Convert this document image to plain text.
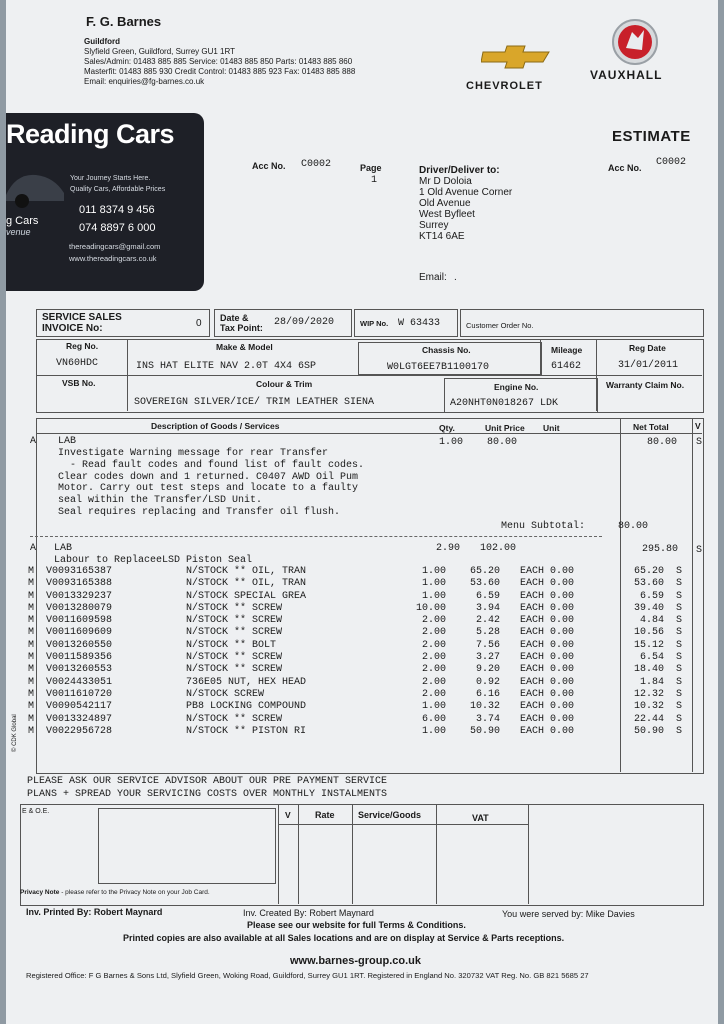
F. G. Barnes
Guildford
Slyfield Green, Guildford, Surrey GU1 1RT
Sales/Admin: 01483 885 885 Service: 01483 885 850 Parts: 01483 885 860
Masterfit: 01483 885 930 Credit Control: 01483 885 923 Fax: 01483 885 888
Email: enquiries@fg-barnes.co.uk	CHEVROLET
VAUXHALL
Reading Cars
Your Journey Starts Here.
Quality Cars, Affordable Prices
011 8374 9 456
074 8897 6 000
g Cars
venue
thereadingcars@gmail.com
www.thereadingcars.co.uk
ESTIMATE
Acc No. C0002	Page
1
Acc No. C0002
Driver/Deliver to:
Mr D Doloia
1 Old Avenue Corner
Old Avenue
West Byfleet
Surrey
KT14 6AE
Email: .
SERVICE SALES
INVOICE No:	0 Date &
Tax Point: 28/09/2020	WIP No. W 63433	Customer Order No.
Reg No.
VN60HDC
Make & Model
INS HAT ELITE NAV 2.0T 4X4 6SP
Chassis No.
W0LGT6EE7B1100170
Mileage
61462
Reg Date
31/01/2011
VSB No.	Colour & Trim
SOVEREIGN SILVER/ICE/ TRIM LEATHER SIENA
Engine No.
A20NHT0N018267 LDK
Warranty Claim No.
Description of Goods / Services	Qty.	Unit Price Unit	Net Total	V
A LAB	1.00 80.00	80.00 S
Investigate Warning message for rear Transfer
- Read fault codes and found list of fault codes.
Clear codes down and 1 returned. C0407 AWD Oil Pum
Motor. Carry out test steps and locate to a faulty
seal within the Transfer/LSD Unit.
Seal requires replacing and Transfer oil flush.
Menu Subtotal:	80.00
A LAB	2.90 102.00	295.80 S
Labour to ReplaceeLSD Piston Seal
M	V0093165387	N/STOCK ** OIL, TRAN	1.00	65.20	EACH 0.00	65.20	S
M	V0093165388	N/STOCK ** OIL, TRAN	1.00	53.60	EACH 0.00	53.60	S
M	V0013329237	N/STOCK SPECIAL GREA	1.00	6.59	EACH 0.00	6.59	S
M	V0013280079	N/STOCK ** SCREW	10.00	3.94	EACH 0.00	39.40	S
M	V0011609598	N/STOCK ** SCREW	2.00	2.42	EACH 0.00	4.84	S
M	V0011609609	N/STOCK ** SCREW	2.00	5.28	EACH 0.00	10.56	S
M	V0013260550	N/STOCK ** BOLT	2.00	7.56	EACH 0.00	15.12	S
M	V0011589356	N/STOCK ** SCREW	2.00	3.27	EACH 0.00	6.54	S
M	V0013260553	N/STOCK ** SCREW	2.00	9.20	EACH 0.00	18.40	S
M	V0024433051	736E05 NUT, HEX HEAD	2.00	0.92	EACH 0.00	1.84	S
M	V0011610720	N/STOCK SCREW	2.00	6.16	EACH 0.00	12.32	S
M	V0090542117	PB8 LOCKING COMPOUND	1.00	10.32	EACH 0.00	10.32	S
M	V0013324897	N/STOCK ** SCREW	6.00	3.74	EACH 0.00	22.44	S
M	V0022956728	N/STOCK ** PISTON RI	1.00	50.90	EACH 0.00	50.90	S
© CDK Global
PLEASE ASK OUR SERVICE ADVISOR ABOUT OUR PRE PAYMENT SERVICE
PLANS + SPREAD YOUR SERVICING COSTS OVER MONTHLY INSTALMENTS
E & O.E.	V	Rate	Service/Goods	VAT
Privacy Note - please refer to the Privacy Note on your Job Card.
Inv. Printed By: Robert Maynard	Inv. Created By: Robert Maynard	You were served by: Mike Davies
Please see our website for full Terms & Conditions.
Printed copies are also available at all Sales locations and are on display at Service & Parts receptions.
www.barnes-group.co.uk
Registered Office: F G Barnes & Sons Ltd, Slyfield Green, Woking Road, Guildford, Surrey GU1 1RT. Registered in England No. 320732 VAT Reg. No. GB 821 5685 27
